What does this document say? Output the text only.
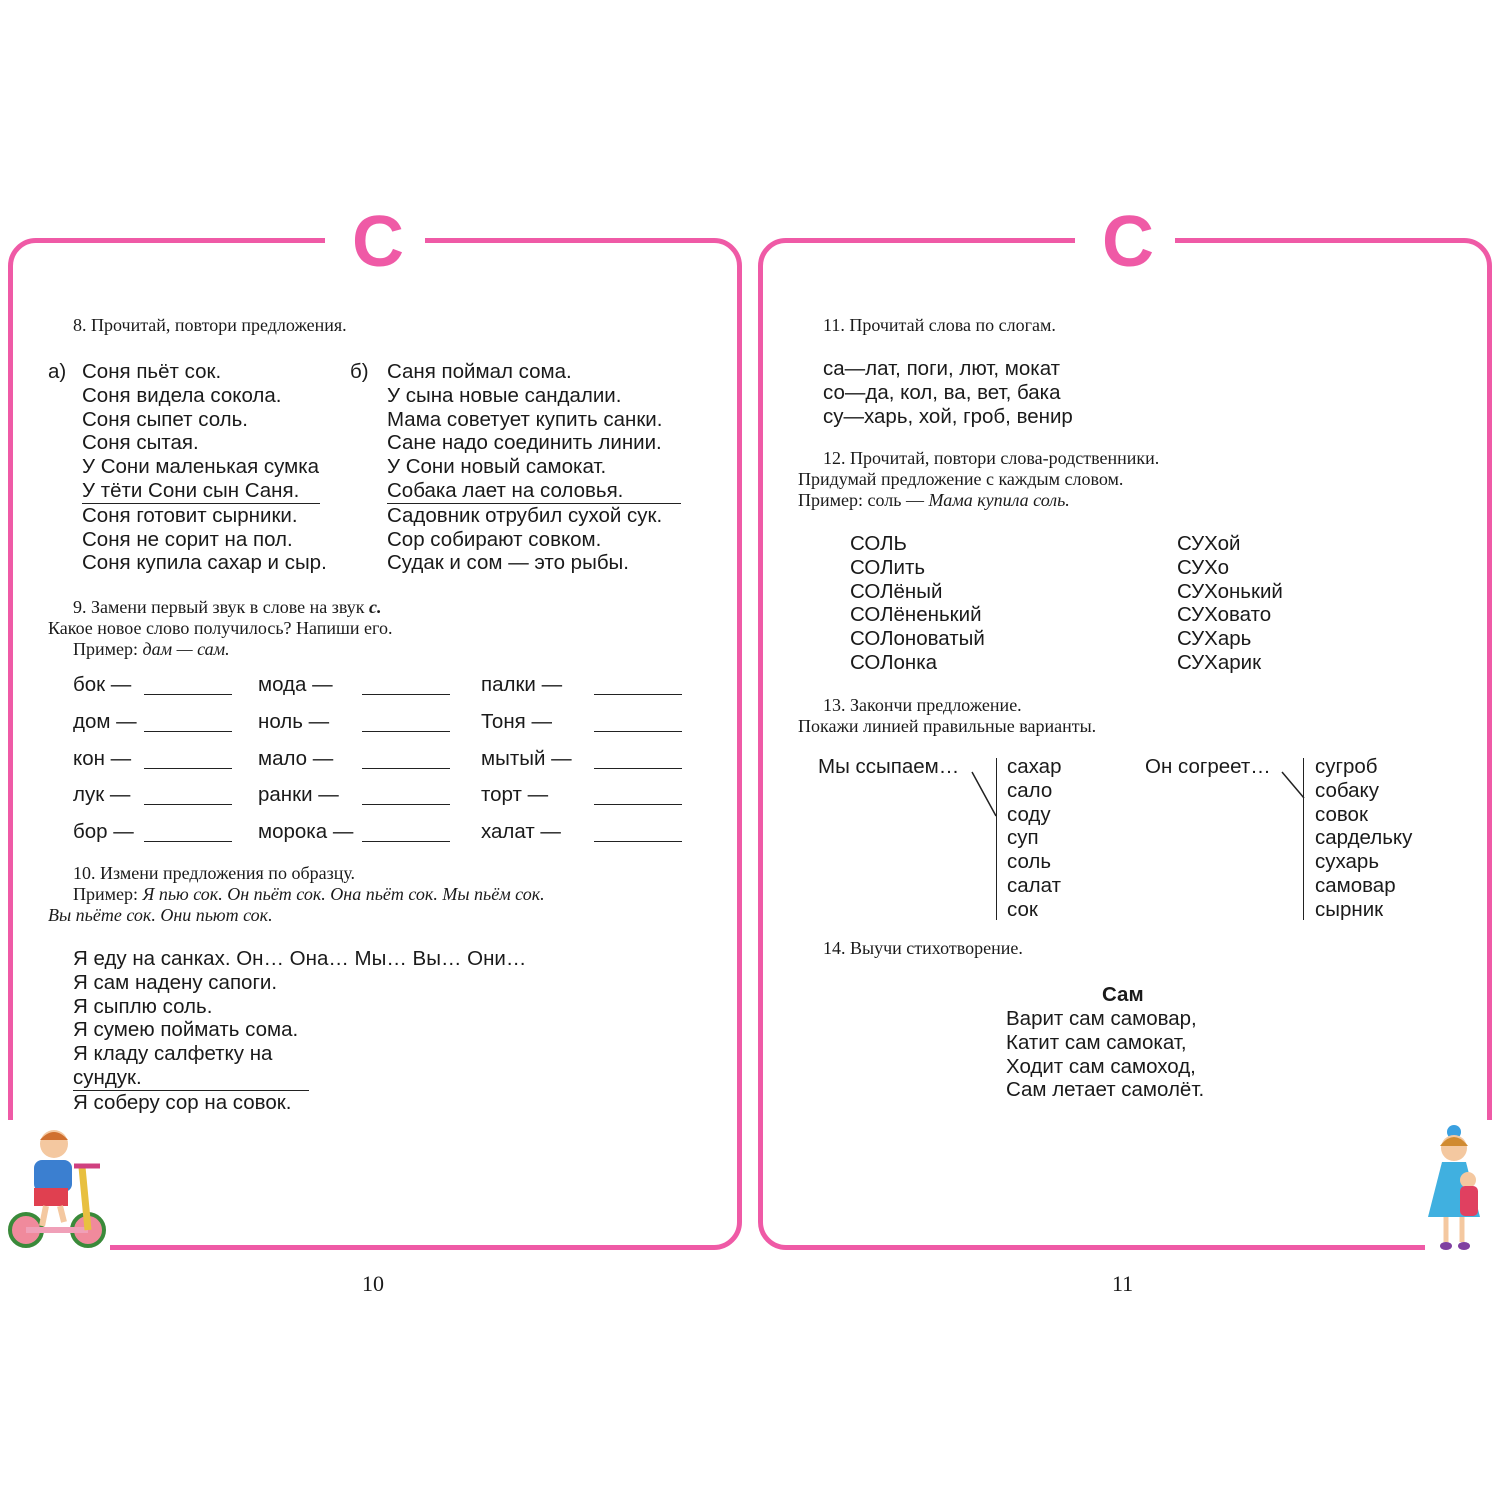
С
8. Прочитай, повтори предложения.
а) Соня пьёт сок.
Соня видела сокола.
Соня сыпет соль.
Соня сытая.
У Сони маленькая сумка
У тёти Сони сын Саня.
Соня готовит сырники.
Соня не сорит на пол.
Соня купила сахар и сыр.
б) Саня поймал сома.
У сына новые сандалии.
Мама советует купить санки.
Сане надо соединить линии.
У Сони новый самокат.
Собака лает на соловья.
Садовник отрубил сухой сук.
Сор собирают совком.
Судак и сом — это рыбы.
9. Замени первый звук в слове на звук с.
Какое новое слово получилось? Напиши его.
Пример: дам — сам.
бок —	мода —	палки —
дом —	ноль —	Тоня —
кон —	мало —	мытый —
лук —	ранки —	торт —
бор —	морока —	халат —
10. Измени предложения по образцу.
Пример: Я пью сок. Он пьёт сок. Она пьёт сок. Мы пьём сок.
Вы пьёте сок. Они пьют сок.
Я еду на санках. Он… Она… Мы… Вы… Они…
Я сам надену сапоги.
Я сыплю соль.
Я сумею поймать сома.
Я кладу салфетку на сундук.
Я соберу сор на совок.
10
С
11. Прочитай слова по слогам.
са—лат, поги, лют, мокат
со—да, кол, ва, вет, бака
су—харь, хой, гроб, венир
12. Прочитай, повтори слова-родственники.
Придумай предложение с каждым словом.
Пример: соль — Мама купила соль.
СОЛЬ
СОЛить
СОЛёный
СОЛёненький
СОЛоноватый
СОЛонка
СУХой
СУХо
СУХонький
СУХовато
СУХарь
СУХарик
13. Закончи предложение.
Покажи линией правильные варианты.
Мы ссыпаем… сахар
сало
соду
суп
соль
салат
сок
Он согреет… сугроб
собаку
совок
сардельку
сухарь
самовар
сырник
14. Выучи стихотворение.
Сам
Варит сам самовар,
Катит сам самокат,
Ходит сам самоход,
Сам летает самолёт.
11
